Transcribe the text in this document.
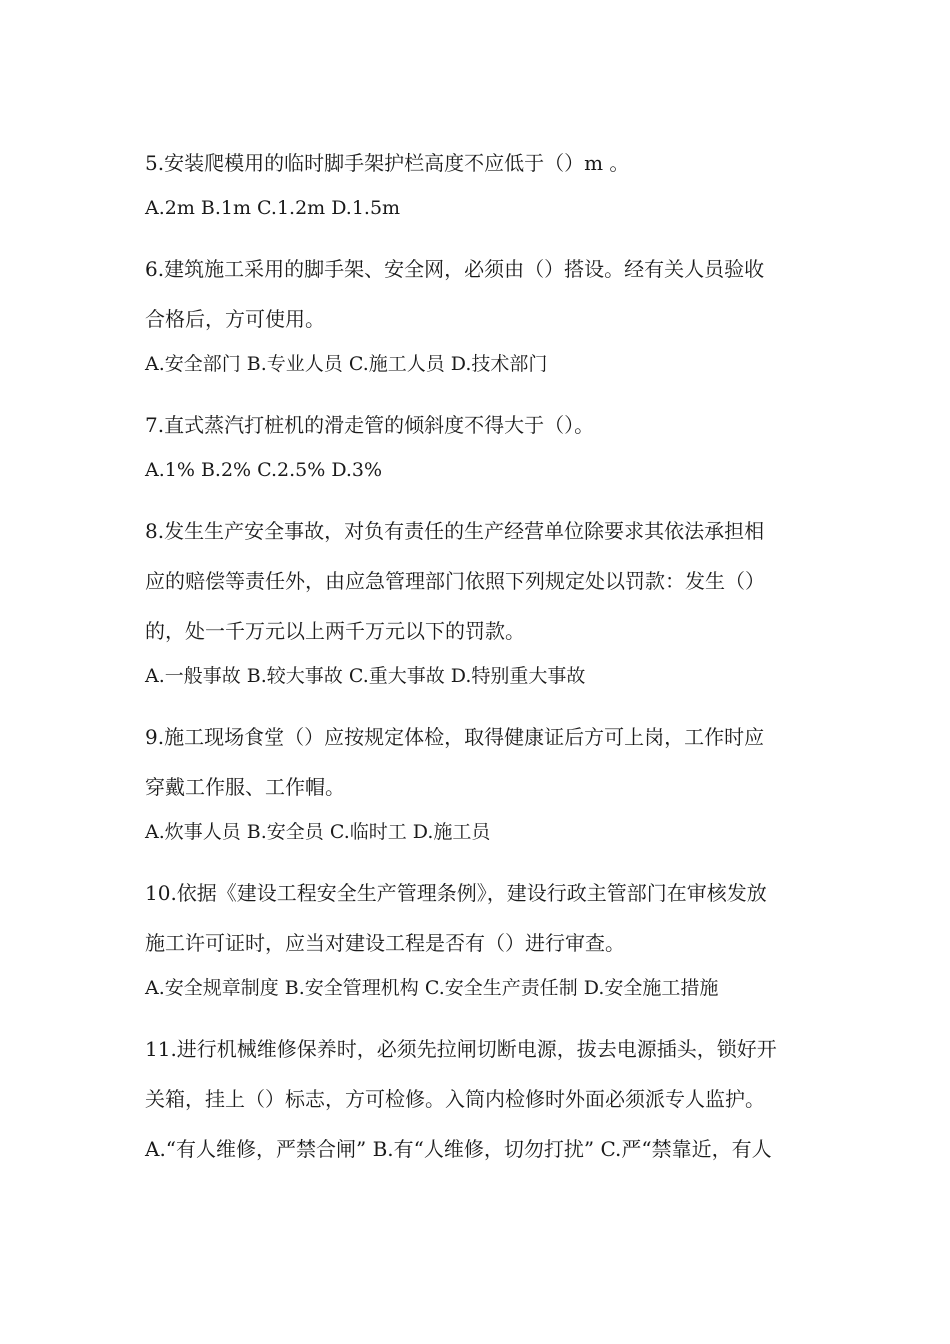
5.安装爬模用的临时脚手架护栏高度不应低于（）m 。
A.2m B.1m C.1.2m D.1.5m
6.建筑施工采用的脚手架、安全网，必须由（）搭设。经有关人员验收
合格后，方可使用。
A.安全部门 B.专业人员 C.施工人员 D.技术部门
7.直式蒸汽打桩机的滑走管的倾斜度不得大于（）。
A.1% B.2% C.2.5% D.3%
8.发生生产安全事故，对负有责任的生产经营单位除要求其依法承担相
应的赔偿等责任外，由应急管理部门依照下列规定处以罚款：发生（）
的，处一千万元以上两千万元以下的罚款。
A.一般事故 B.较大事故 C.重大事故 D.特别重大事故
9.施工现场食堂（）应按规定体检，取得健康证后方可上岗，工作时应
穿戴工作服、工作帽。
A.炊事人员 B.安全员 C.临时工 D.施工员
10.依据《建设工程安全生产管理条例》，建设行政主管部门在审核发放
施工许可证时，应当对建设工程是否有（）进行审查。
A.安全规章制度 B.安全管理机构 C.安全生产责任制 D.安全施工措施
11.进行机械维修保养时，必须先拉闸切断电源，拔去电源插头，锁好开
关箱，挂上（）标志，方可检修。入筒内检修时外面必须派专人监护。
A.“有人维修，严禁合闸” B.有“人维修，切勿打扰” C.严“禁靠近，有人
